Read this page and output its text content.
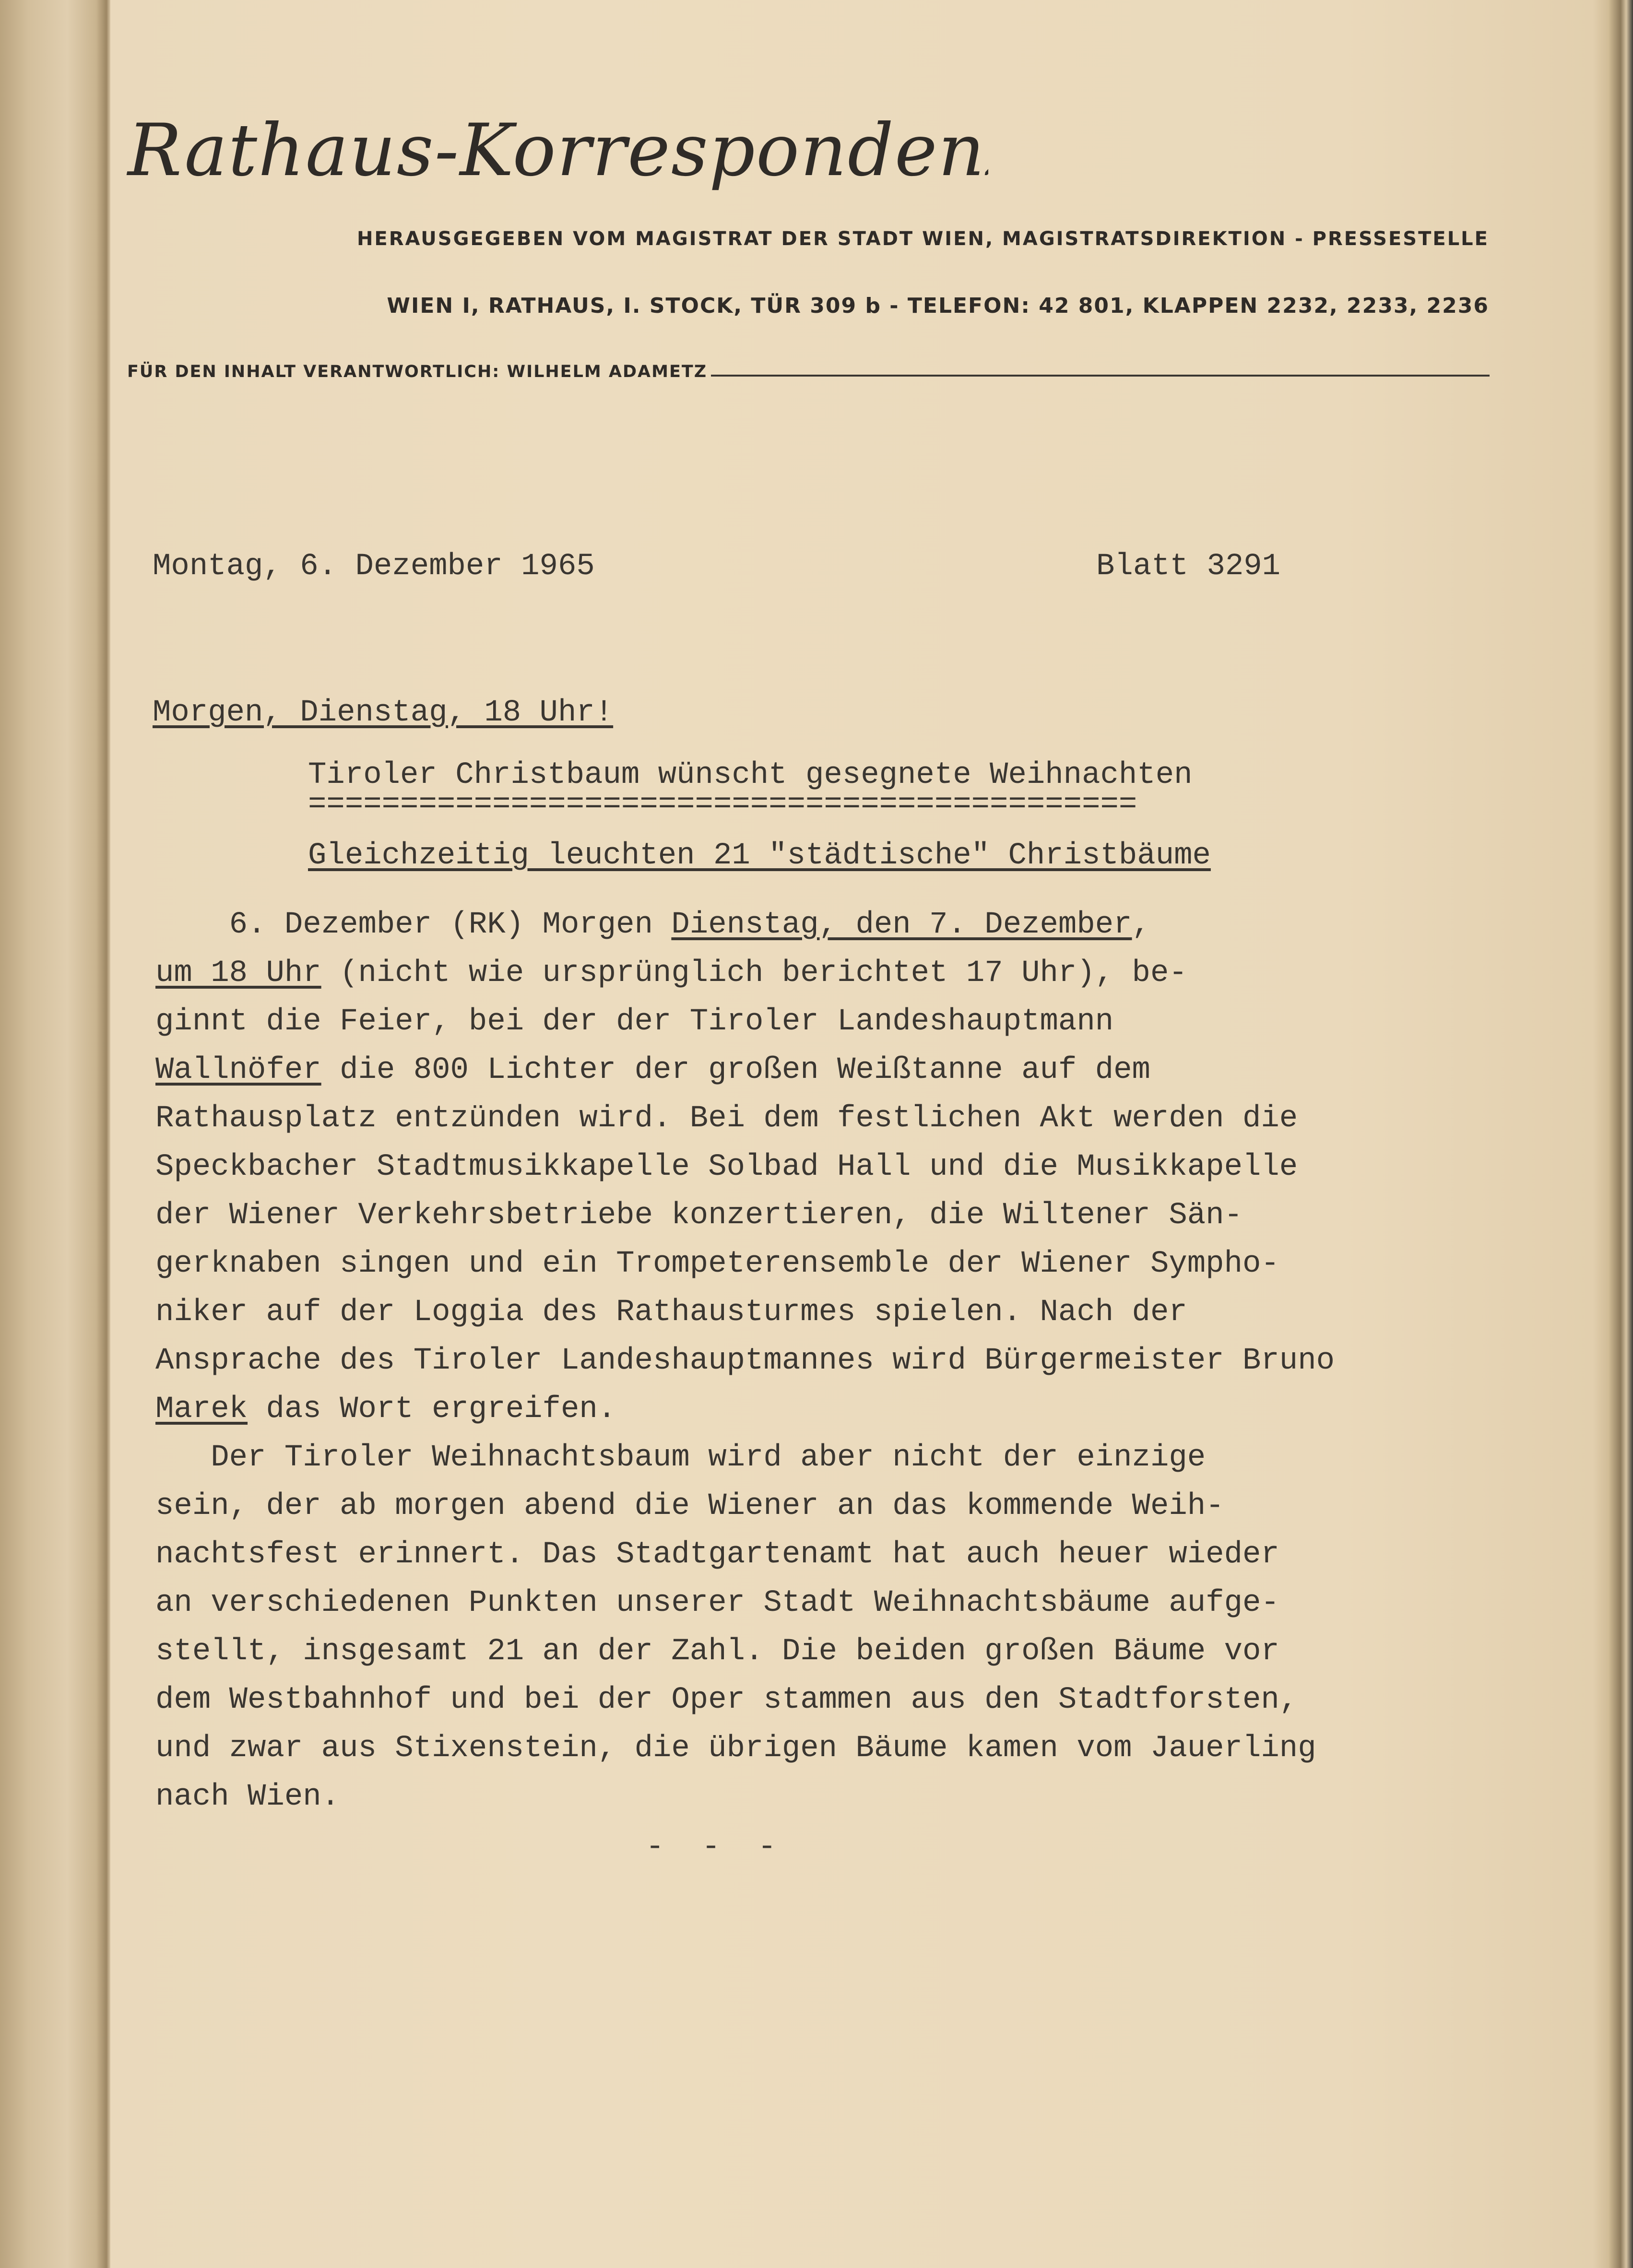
Rathaus-Korrespondenz
HERAUSGEGEBEN VOM MAGISTRAT DER STADT WIEN, MAGISTRATSDIREKTION - PRESSESTELLE
WIEN I, RATHAUS, I. STOCK, TÜR 309 b - TELEFON: 42 801, KLAPPEN 2232, 2233, 2236
FÜR DEN INHALT VERANTWORTLICH: WILHELM ADAMETZ
Montag, 6. Dezember 1965	Blatt 3291
Morgen, Dienstag, 18 Uhr!
Tiroler Christbaum wünscht gesegnete Weihnachten
=============================================
Gleichzeitig leuchten 21 "städtische" Christbäume
6. Dezember (RK) Morgen Dienstag, den 7. Dezember,
um 18 Uhr (nicht wie ursprünglich berichtet 17 Uhr), be-
ginnt die Feier, bei der der Tiroler Landeshauptmann
Wallnöfer die 800 Lichter der großen Weißtanne auf dem
Rathausplatz entzünden wird. Bei dem festlichen Akt werden die
Speckbacher Stadtmusikkapelle Solbad Hall und die Musikkapelle
der Wiener Verkehrsbetriebe konzertieren, die Wiltener Sän-
gerknaben singen und ein Trompeterensemble der Wiener Sympho-
niker auf der Loggia des Rathausturmes spielen. Nach der
Ansprache des Tiroler Landeshauptmannes wird Bürgermeister Bruno
Marek das Wort ergreifen.
Der Tiroler Weihnachtsbaum wird aber nicht der einzige
sein, der ab morgen abend die Wiener an das kommende Weih-
nachtsfest erinnert. Das Stadtgartenamt hat auch heuer wieder
an verschiedenen Punkten unserer Stadt Weihnachtsbäume aufge-
stellt, insgesamt 21 an der Zahl. Die beiden großen Bäume vor
dem Westbahnhof und bei der Oper stammen aus den Stadtforsten,
und zwar aus Stixenstein, die übrigen Bäume kamen vom Jauerling
nach Wien.
- - -
